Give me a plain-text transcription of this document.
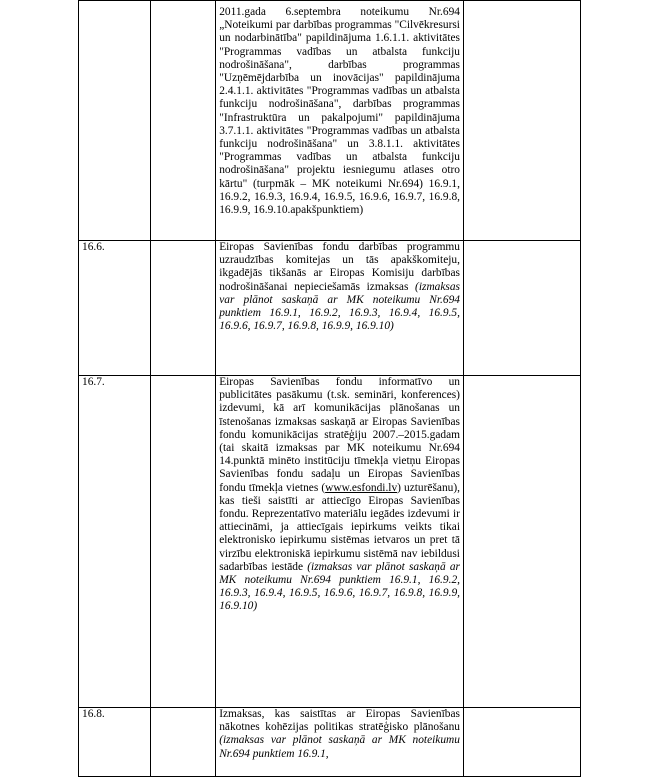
		2011.gada 6.septembra noteikumu Nr.694 „Noteikumi par darbības programmas "Cilvēkresursi un nodarbinātība" papildinājuma 1.6.1.1. aktivitātes "Programmas vadības un atbalsta funkciju nodrošināšana", darbības programmas "Uzņēmējdarbība un inovācijas" papildinājuma 2.4.1.1. aktivitātes "Programmas vadības un atbalsta funkciju nodrošināšana", darbības programmas "Infrastruktūra un pakalpojumi" papildinājuma 3.7.1.1. aktivitātes "Programmas vadības un atbalsta funkciju nodrošināšana" un 3.8.1.1. aktivitātes "Programmas vadības un atbalsta funkciju nodrošināšana" projektu iesniegumu atlases otro kārtu" (turpmāk – MK noteikumi Nr.694) 16.9.1, 16.9.2, 16.9.3, 16.9.4, 16.9.5, 16.9.6, 16.9.7, 16.9.8, 16.9.9, 16.9.10.apakšpunktiem)	
16.6.		Eiropas Savienības fondu darbības programmu uzraudzības komitejas un tās apakškomiteju, ikgadējās tikšanās ar Eiropas Komisiju darbības nodrošināšanai nepieciešamās izmaksas (izmaksas var plānot saskaņā ar MK noteikumu Nr.694 punktiem 16.9.1, 16.9.2, 16.9.3, 16.9.4, 16.9.5, 16.9.6, 16.9.7, 16.9.8, 16.9.9, 16.9.10)	
16.7.		Eiropas Savienības fondu informatīvo un publicitātes pasākumu (t.sk. semināri, konferences) izdevumi, kā arī komunikācijas plānošanas un īstenošanas izmaksas saskaņā ar Eiropas Savienības fondu komunikācijas stratēģiju 2007.–2015.gadam (tai skaitā izmaksas par MK noteikumu Nr.694 14.punktā minēto institūciju tīmekļa vietņu Eiropas Savienības fondu sadaļu un Eiropas Savienības fondu tīmekļa vietnes (www.esfondi.lv) uzturēšanu), kas tieši saistīti ar attiecīgo Eiropas Savienības fondu. Reprezentatīvo materiālu iegādes izdevumi ir attiecināmi, ja attiecīgais iepirkums veikts tikai elektronisko iepirkumu sistēmas ietvaros un pret tā virzību elektroniskā iepirkumu sistēmā nav iebildusi sadarbības iestāde (izmaksas var plānot saskaņā ar MK noteikumu Nr.694 punktiem 16.9.1, 16.9.2, 16.9.3, 16.9.4, 16.9.5, 16.9.6, 16.9.7, 16.9.8, 16.9.9, 16.9.10)	
16.8.		Izmaksas, kas saistītas ar Eiropas Savienības nākotnes kohēzijas politikas stratēģisko plānošanu (izmaksas var plānot saskaņā ar MK noteikumu Nr.694 punktiem 16.9.1,	
